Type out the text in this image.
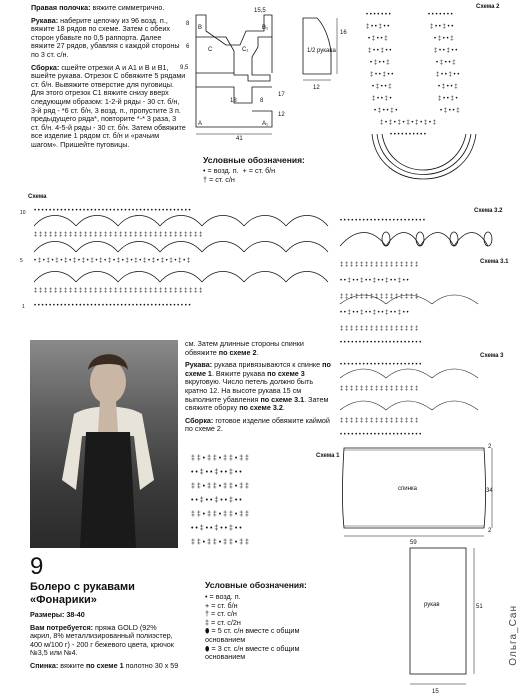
Правая полочка: вяжите симметрично.
Рукава: наберите цепочку из 96 возд. п., вяжите 18 рядов по схеме. Затем с обеих сторон убавьте по 0,5 раппорта. Далее вяжите 27 рядов, убавляя с каждой стороны по 3 ст. с/н.
Сборка: сшейте отрезки А и А1 и В и В1, вшейте рукава. Отрезок С обвяжите 5 рядами ст. б/н. Вывяжите отверстие для пуговицы. Для этого отрезок С1 вяжите снизу вверх следующим образом: 1-2-й ряды - 30 ст. б/н, 3-й ряд - *6 ст. б/н, 3 возд. п., пропустите 3 п. предыдущего ряда*, повторите *-* 3 раза, 3 ст. б/н. 4-5-й ряды - 30 ст. б/н. Затем обвяжите все изделие 1 рядом ст. б/н и «рачьим шагом». Пришейте пуговицы.
15,5
8
6
9,5
18	8
17
12
41
B	B₁
C	C₁
A	A₁
1/2 рукава
16
12
Условные обозначения:
• = возд. п. + = ст. б/н
† = ст. с/н
Схема 2
• • • • • • •	• • • • • • •
‡ • • ‡ • •	‡ • • ‡ • •
• ‡ • • ‡	• ‡ • • ‡
‡ • • ‡ • •	‡ • • ‡ • •
• ‡ • • ‡	• ‡ • • ‡
‡ • • ‡ • •	‡ • • ‡ • •
• ‡ • • ‡	• ‡ • • ‡
‡ • • ‡ •	‡ • • ‡ •
• ‡ • • ‡ •	• ‡ • • ‡
‡ • ‡ • ‡ • ‡ • ‡ • ‡ • ‡
• • • • • • • • • •
Схема
10
5
1
• • • • • • • • • • • • • • • • • • • • • • • • • • • • • • • • • • • • • • • • • •
‡ ‡ ‡ ‡ ‡ ‡ ‡ ‡ ‡ ‡ ‡ ‡ ‡ ‡ ‡ ‡ ‡ ‡ ‡ ‡ ‡ ‡ ‡ ‡ ‡ ‡ ‡ ‡ ‡ ‡ ‡ ‡ ‡ ‡
• ‡ • ‡ • ‡ • ‡ • ‡ • ‡ • ‡ • ‡ • ‡ • ‡ • ‡ • ‡ • ‡ • ‡ • ‡ • ‡ • ‡ • ‡
‡ ‡ ‡ ‡ ‡ ‡ ‡ ‡ ‡ ‡ ‡ ‡ ‡ ‡ ‡ ‡ ‡ ‡ ‡ ‡ ‡ ‡ ‡ ‡ ‡ ‡ ‡ ‡ ‡ ‡ ‡ ‡ ‡ ‡
• • • • • • • • • • • • • • • • • • • • • • • • • • • • • • • • • • • • • • • • • •
Схема 3.2
• • • • • • • • • • • • • • • • • • • • • • •
Схема 3.1
‡ ‡ ‡ ‡ ‡ ‡ ‡ ‡ ‡ ‡ ‡ ‡ ‡ ‡ ‡ ‡
• • ‡ • • ‡ • • ‡ • • ‡ • • ‡ • •
‡ ‡ ‡ ‡ ‡ ‡ ‡ ‡ ‡ ‡ ‡ ‡ ‡ ‡ ‡ ‡
• • ‡ • • ‡ • • ‡ • • ‡ • • ‡ • •
‡ ‡ ‡ ‡ ‡ ‡ ‡ ‡ ‡ ‡ ‡ ‡ ‡ ‡ ‡ ‡
• • • • • • • • • • • • • • • • • • • • • •
Схема 3
• • • • • • • • • • • • • • • • • • • • • •
‡ ‡ ‡ ‡ ‡ ‡ ‡ ‡ ‡ ‡ ‡ ‡ ‡ ‡ ‡ ‡
‡ ‡ ‡ ‡ ‡ ‡ ‡ ‡ ‡ ‡ ‡ ‡ ‡ ‡ ‡ ‡
• • • • • • • • • • • • • • • • • • • • • •
см. Затем длинные стороны спинки обвяжите по схеме 2.
Рукава: рукава привязываются к спинке по схеме 1. Вяжите рукава по схеме 3 вкруговую. Число петель должно быть кратно 12. На высоте рукава 15 см выполните убавления по схеме 3.1. Затем свяжите оборку по схеме 3.2.
Сборка: готовое изделие обвяжите каймой по схеме 2.
‡ ‡ • ‡ ‡ • ‡ ‡ • ‡ ‡
• • ‡ • • ‡ • • ‡ • •
‡ ‡ • ‡ ‡ • ‡ ‡ • ‡ ‡
• • ‡ • • ‡ • • ‡ • •
‡ ‡ • ‡ ‡ • ‡ ‡ • ‡ ‡
• • ‡ • • ‡ • • ‡ • •
‡ ‡ • ‡ ‡ • ‡ ‡ • ‡ ‡
Схема 1
спинка
59
2
2
34
рукав	51
15
9
Болеро с рукавами
«Фонарики»
Размеры: 38-40
Вам потребуется: пряжа GOLD (92% акрил, 8% металлизированный полиэстер, 400 м/100 г) - 200 г бежевого цвета, крючок №3,5 или №4.
Спинка: вяжите по схеме 1 полотно 30 х 59
Условные обозначения:
• = возд. п.
+ = ст. б/н
† = ст. с/н
‡ = ст. с/2н
⬮ = 5 ст. с/н вместе с общим основанием
⬮ = 3 ст. с/н вместе с общим основанием	Ольга_Сан
